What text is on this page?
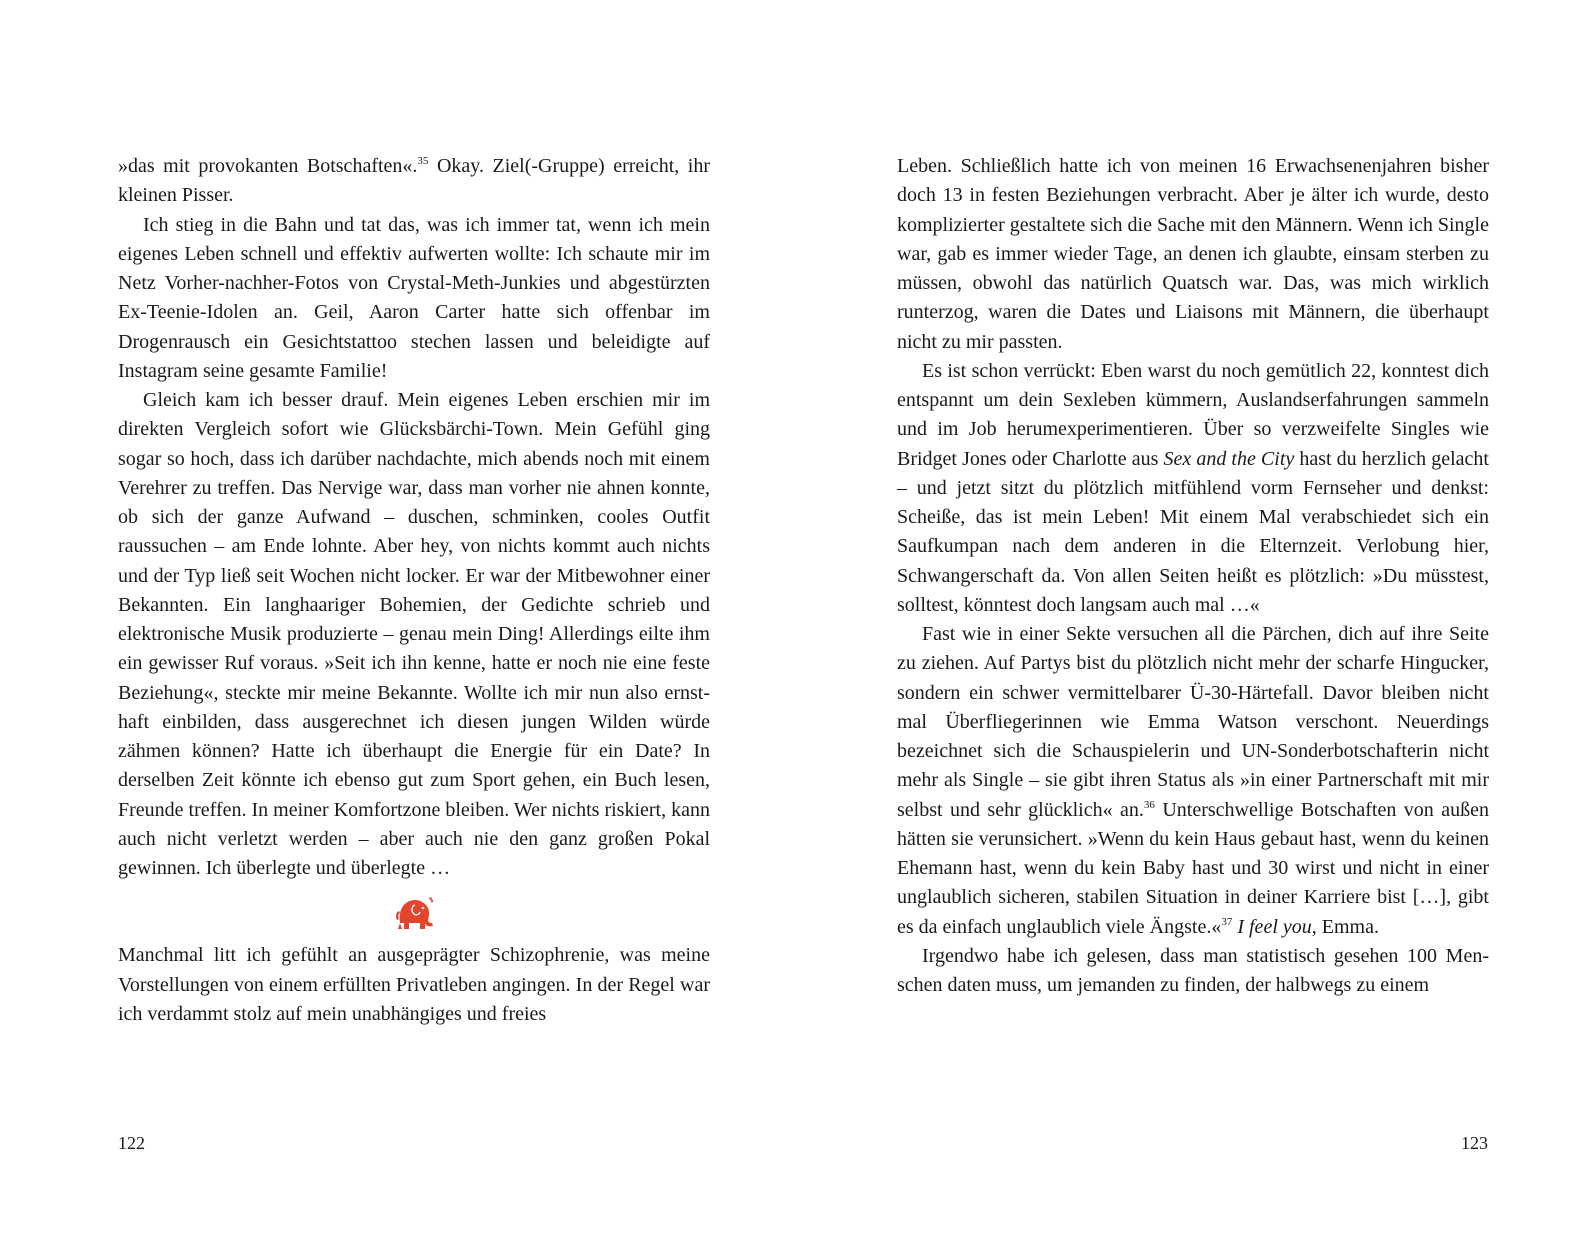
»das mit provokanten Botschaften«.$^{35}$ Okay. Ziel(-Gruppe) erreicht, ihr kleinen Pisser.

Ich stieg in die Bahn und tat das, was ich immer tat, wenn ich mein eigenes Leben schnell und effektiv aufwerten wollte: Ich schaute mir im Netz Vorher-nachher-Fotos von Crystal-Meth-Junkies und abgestürzten Ex-Teenie-Idolen an. Geil, Aaron Carter hatte sich offenbar im Drogenrausch ein Gesichtstattoo stechen lassen und beleidigte auf Instagram seine gesamte Familie!

Gleich kam ich besser drauf. Mein eigenes Leben erschien mir im direkten Vergleich sofort wie Glücksbärchi-Town. Mein Gefühl ging sogar so hoch, dass ich darüber nachdachte, mich abends noch mit einem Verehrer zu treffen. Das Nervige war, dass man vorher nie ahnen konnte, ob sich der ganze Aufwand – duschen, schminken, cooles Outfit raussuchen – am Ende lohnte. Aber hey, von nichts kommt auch nichts und der Typ ließ seit Wochen nicht locker. Er war der Mitbewohner einer Bekannten. Ein langhaariger Bohemien, der Gedichte schrieb und elektronische Musik produzierte – genau mein Ding! Allerdings eilte ihm ein gewisser Ruf voraus. »Seit ich ihn kenne, hatte er noch nie eine feste Beziehung«, steckte mir meine Bekannte. Wollte ich mir nun also ernsthaft einbilden, dass ausgerechnet ich diesen jungen Wilden würde zähmen können? Hatte ich überhaupt die Energie für ein Date? In derselben Zeit könnte ich ebenso gut zum Sport gehen, ein Buch lesen, Freunde treffen. In meiner Komfortzone bleiben. Wer nichts riskiert, kann auch nicht verletzt werden – aber auch nie den ganz großen Pokal gewinnen. Ich überlegte und überlegte …

Manchmal litt ich gefühlt an ausgeprägter Schizophrenie, was meine Vorstellungen von einem erfüllten Privatleben angingen. In der Regel war ich verdammt stolz auf mein unabhängiges und freies

Leben. Schließlich hatte ich von meinen 16 Erwachsenenjahren bisher doch 13 in festen Beziehungen verbracht. Aber je älter ich wurde, desto komplizierter gestaltete sich die Sache mit den Männern. Wenn ich Single war, gab es immer wieder Tage, an denen ich glaubte, einsam sterben zu müssen, obwohl das natürlich Quatsch war. Das, was mich wirklich runterzog, waren die Dates und Liaisons mit Männern, die überhaupt nicht zu mir passten.

Es ist schon verrückt: Eben warst du noch gemütlich 22, konntest dich entspannt um dein Sexleben kümmern, Auslandserfahrungen sammeln und im Job herumexperimentieren. Über so verzweifelte Singles wie Bridget Jones oder Charlotte aus Sex and the City hast du herzlich gelacht – und jetzt sitzt du plötzlich mitfühlend vorm Fernseher und denkst: Scheiße, das ist mein Leben! Mit einem Mal verabschiedet sich ein Saufkumpan nach dem anderen in die Elternzeit. Verlobung hier, Schwangerschaft da. Von allen Seiten heißt es plötzlich: »Du müsstest, solltest, könntest doch langsam auch mal …«

Fast wie in einer Sekte versuchen all die Pärchen, dich auf ihre Seite zu ziehen. Auf Partys bist du plötzlich nicht mehr der scharfe Hingucker, sondern ein schwer vermittelbarer Ü-30-Härtefall. Davor bleiben nicht mal Überfliegerinnen wie Emma Watson verschont. Neuerdings bezeichnet sich die Schauspielerin und UN-Sonderbotschafterin nicht mehr als Single – sie gibt ihren Status als »in einer Partnerschaft mit mir selbst und sehr glücklich« an.$^{36}$ Unterschwellige Botschaften von außen hätten sie verunsichert. »Wenn du kein Haus gebaut hast, wenn du keinen Ehemann hast, wenn du kein Baby hast und 30 wirst und nicht in einer unglaublich sicheren, stabilen Situation in deiner Karriere bist […], gibt es da einfach unglaublich viele Ängste.«$^{37}$ I feel you, Emma.

Irgendwo habe ich gelesen, dass man statistisch gesehen 100 Menschen daten muss, um jemanden zu finden, der halbwegs zu einem

122	123
